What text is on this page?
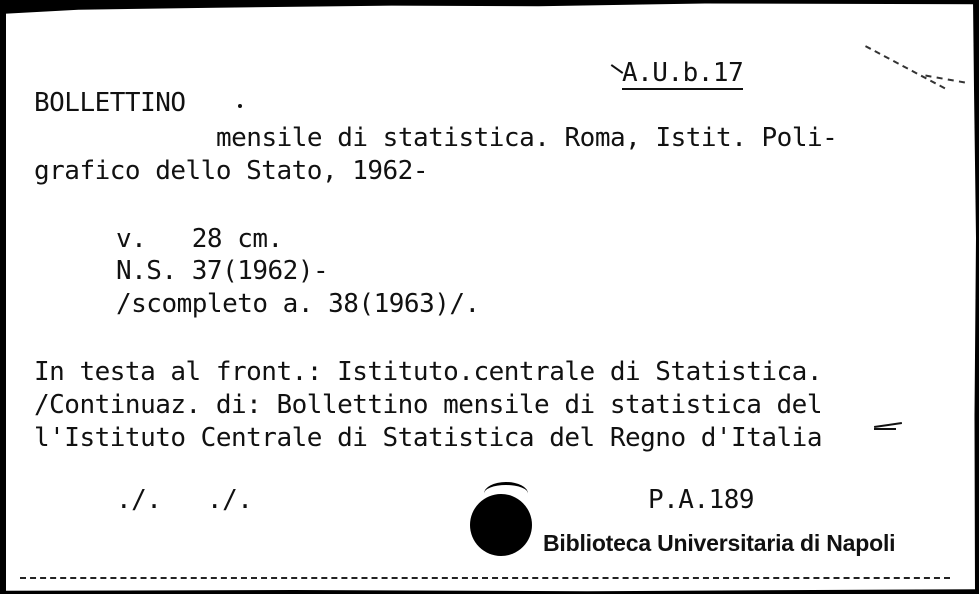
A.U.b.17
BOLLETTINO
mensile di statistica. Roma, Istit. Poli-
grafico dello Stato, 1962-
v.   28 cm.
N.S. 37(1962)-
/scompleto a. 38(1963)/.
In testa al front.: Istituto.centrale di Statistica.
/Continuaz. di: Bollettino mensile di statistica del
l'Istituto Centrale di Statistica del Regno d'Italia
./.   ./.	P.A.189
Biblioteca Universitaria di Napoli
